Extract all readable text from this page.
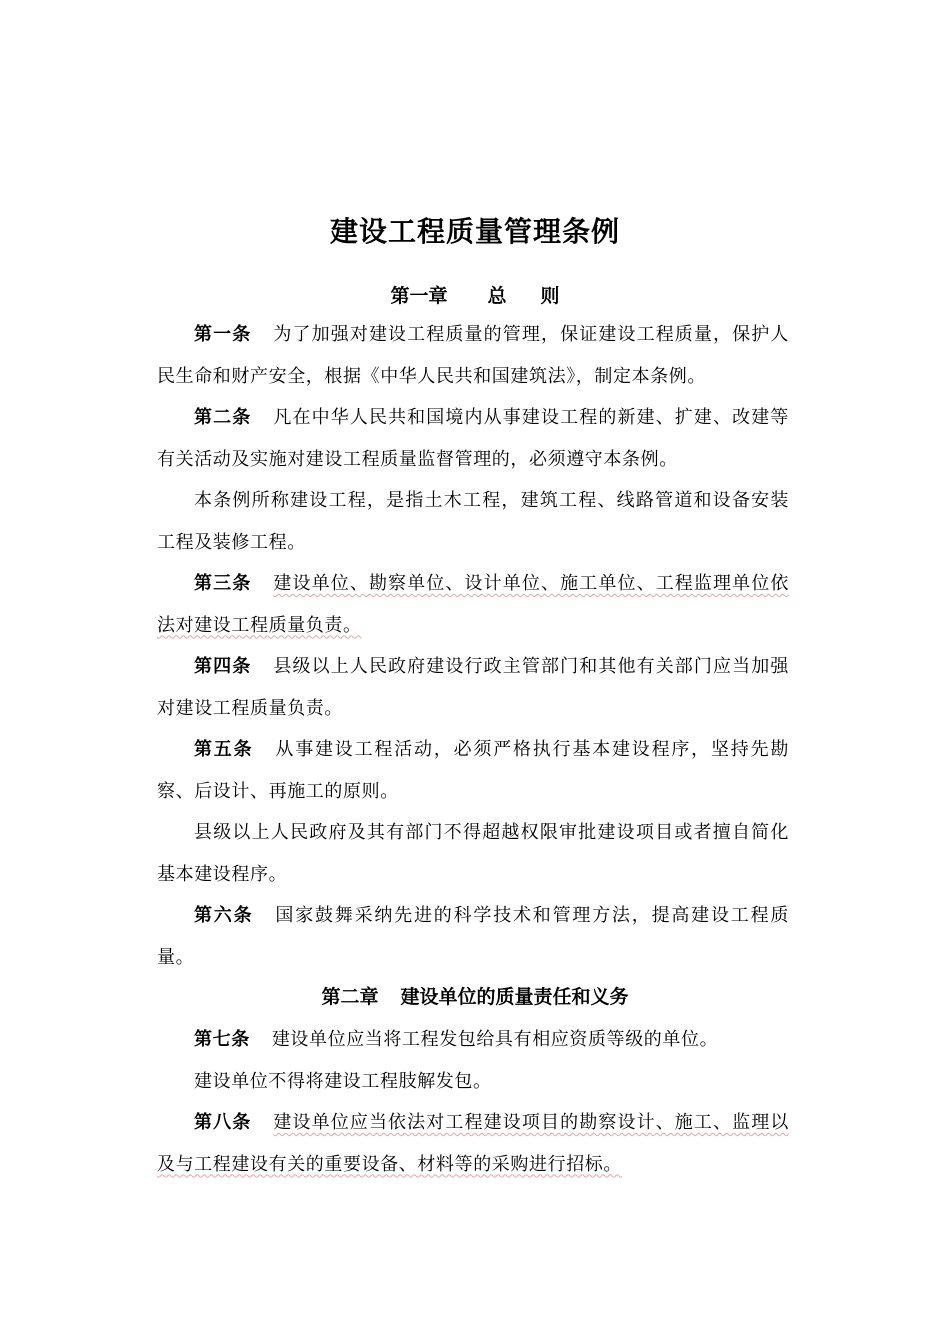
建设工程质量管理条例
第一章 总 则
第一条 为了加强对建设工程质量的管理，保证建设工程质量，保护人民生命和财产安全，根据《中华人民共和国建筑法》，制定本条例。
第二条 凡在中华人民共和国境内从事建设工程的新建、扩建、改建等有关活动及实施对建设工程质量监督管理的，必须遵守本条例。
本条例所称建设工程，是指土木工程，建筑工程、线路管道和设备安装工程及装修工程。
第三条 建设单位、勘察单位、设计单位、施工单位、工程监理单位依法对建设工程质量负责。
第四条 县级以上人民政府建设行政主管部门和其他有关部门应当加强对建设工程质量负责。
第五条 从事建设工程活动，必须严格执行基本建设程序，坚持先勘察、后设计、再施工的原则。
县级以上人民政府及其有部门不得超越权限审批建设项目或者擅自简化基本建设程序。
第六条 国家鼓舞采纳先进的科学技术和管理方法，提高建设工程质量。
第二章 建设单位的质量责任和义务
第七条 建设单位应当将工程发包给具有相应资质等级的单位。
建设单位不得将建设工程肢解发包。
第八条 建设单位应当依法对工程建设项目的勘察设计、施工、监理以及与工程建设有关的重要设备、材料等的采购进行招标。
